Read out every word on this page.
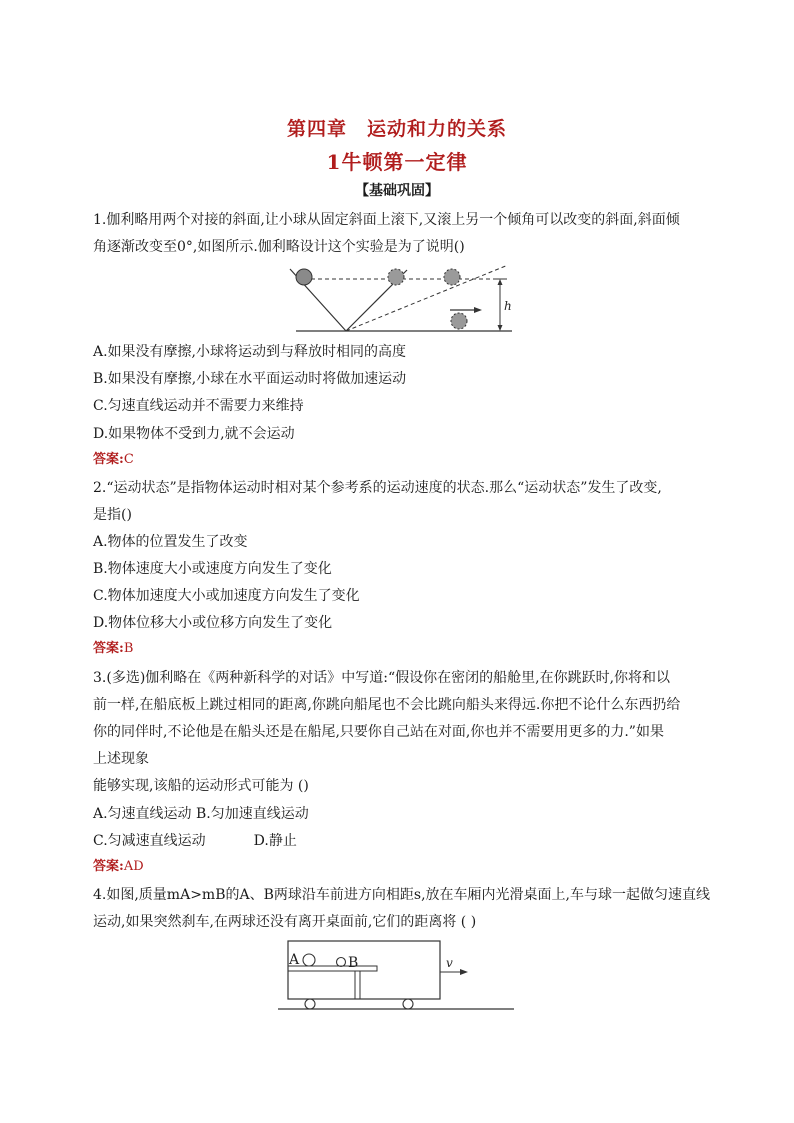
第四章 运动和力的关系
1牛顿第一定律
【基础巩固】
1.伽利略用两个对接的斜面,让小球从固定斜面上滚下,又滚上另一个倾角可以改变的斜面,斜面倾
角逐渐改变至0°,如图所示.伽利略设计这个实验是为了说明()
h
A.如果没有摩擦,小球将运动到与释放时相同的高度
B.如果没有摩擦,小球在水平面运动时将做加速运动
C.匀速直线运动并不需要力来维持
D.如果物体不受到力,就不会运动
答案:C
2.“运动状态”是指物体运动时相对某个参考系的运动速度的状态.那么“运动状态”发生了改变,
是指()
A.物体的位置发生了改变
B.物体速度大小或速度方向发生了变化
C.物体加速度大小或加速度方向发生了变化
D.物体位移大小或位移方向发生了变化
答案:B
3.(多选)伽利略在《两种新科学的对话》中写道:“假设你在密闭的船舱里,在你跳跃时,你将和以
前一样,在船底板上跳过相同的距离,你跳向船尾也不会比跳向船头来得远.你把不论什么东西扔给
你的同伴时,不论他是在船头还是在船尾,只要你自己站在对面,你也并不需要用更多的力.”如果
上述现象
能够实现,该船的运动形式可能为 ()
A.匀速直线运动 B.匀加速直线运动
C.匀减速直线运动	D.静止
答案:AD
4.如图,质量mA>mB的A、B两球沿车前进方向相距s,放在车厢内光滑桌面上,车与球一起做匀速直线
运动,如果突然刹车,在两球还没有离开桌面前,它们的距离将 ( )
A	B	v
